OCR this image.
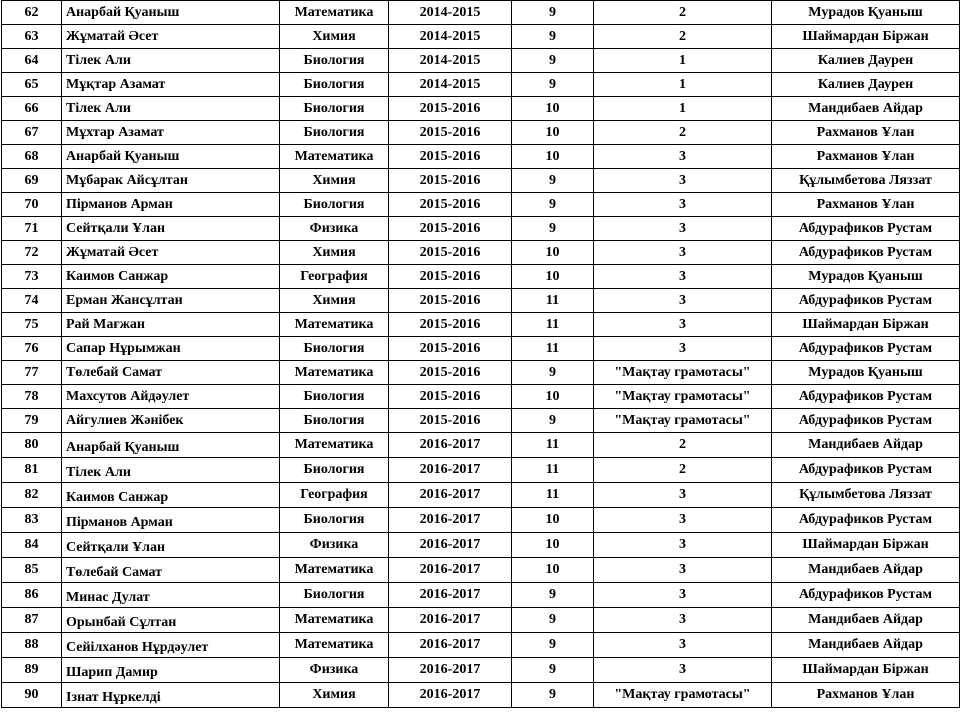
62	Анарбай Қуаныш	Математика	2014-2015	9	2	Мурадов Қуаныш
63	Жұматай Әсет	Химия	2014-2015	9	2	Шаймардан Біржан
64	Тілек Али	Биология	2014-2015	9	1	Калиев Даурен
65	Мұқтар Азамат	Биология	2014-2015	9	1	Калиев Даурен
66	Тілек Али	Биология	2015-2016	10	1	Мандибаев Айдар
67	Мұхтар Азамат	Биология	2015-2016	10	2	Рахманов Ұлан
68	Анарбай Қуаныш	Математика	2015-2016	10	3	Рахманов Ұлан
69	Мұбарак Айсұлтан	Химия	2015-2016	9	3	Құлымбетова Ляззат
70	Пірманов Арман	Биология	2015-2016	9	3	Рахманов Ұлан
71	Сейтқали Ұлан	Физика	2015-2016	9	3	Абдурафиков Рустам
72	Жұматай Әсет	Химия	2015-2016	10	3	Абдурафиков Рустам
73	Каимов Санжар	География	2015-2016	10	3	Мурадов Қуаныш
74	Ерман Жансұлтан	Химия	2015-2016	11	3	Абдурафиков Рустам
75	Рай Мағжан	Математика	2015-2016	11	3	Шаймардан Біржан
76	Сапар Нұрымжан	Биология	2015-2016	11	3	Абдурафиков Рустам
77	Төлебай Самат	Математика	2015-2016	9	"Мақтау грамотасы"	Мурадов Қуаныш
78	Махсутов Айдәулет	Биология	2015-2016	10	"Мақтау грамотасы"	Абдурафиков Рустам
79	Айгулиев Жәнібек	Биология	2015-2016	9	"Мақтау грамотасы"	Абдурафиков Рустам
80	Анарбай Қуаныш	Математика	2016-2017	11	2	Мандибаев Айдар
81	Тілек Али	Биология	2016-2017	11	2	Абдурафиков Рустам
82	Каимов Санжар	География	2016-2017	11	3	Құлымбетова Ляззат
83	Пірманов Арман	Биология	2016-2017	10	3	Абдурафиков Рустам
84	Сейтқали Ұлан	Физика	2016-2017	10	3	Шаймардан Біржан
85	Төлебай Самат	Математика	2016-2017	10	3	Мандибаев Айдар
86	Минас Дулат	Биология	2016-2017	9	3	Абдурафиков Рустам
87	Орынбай Сұлтан	Математика	2016-2017	9	3	Мандибаев Айдар
88	Сейілханов Нұрдәулет	Математика	2016-2017	9	3	Мандибаев Айдар
89	Шарип Дамир	Физика	2016-2017	9	3	Шаймардан Біржан
90	Ізнат Нұркелді	Химия	2016-2017	9	"Мақтау грамотасы"	Рахманов Ұлан
